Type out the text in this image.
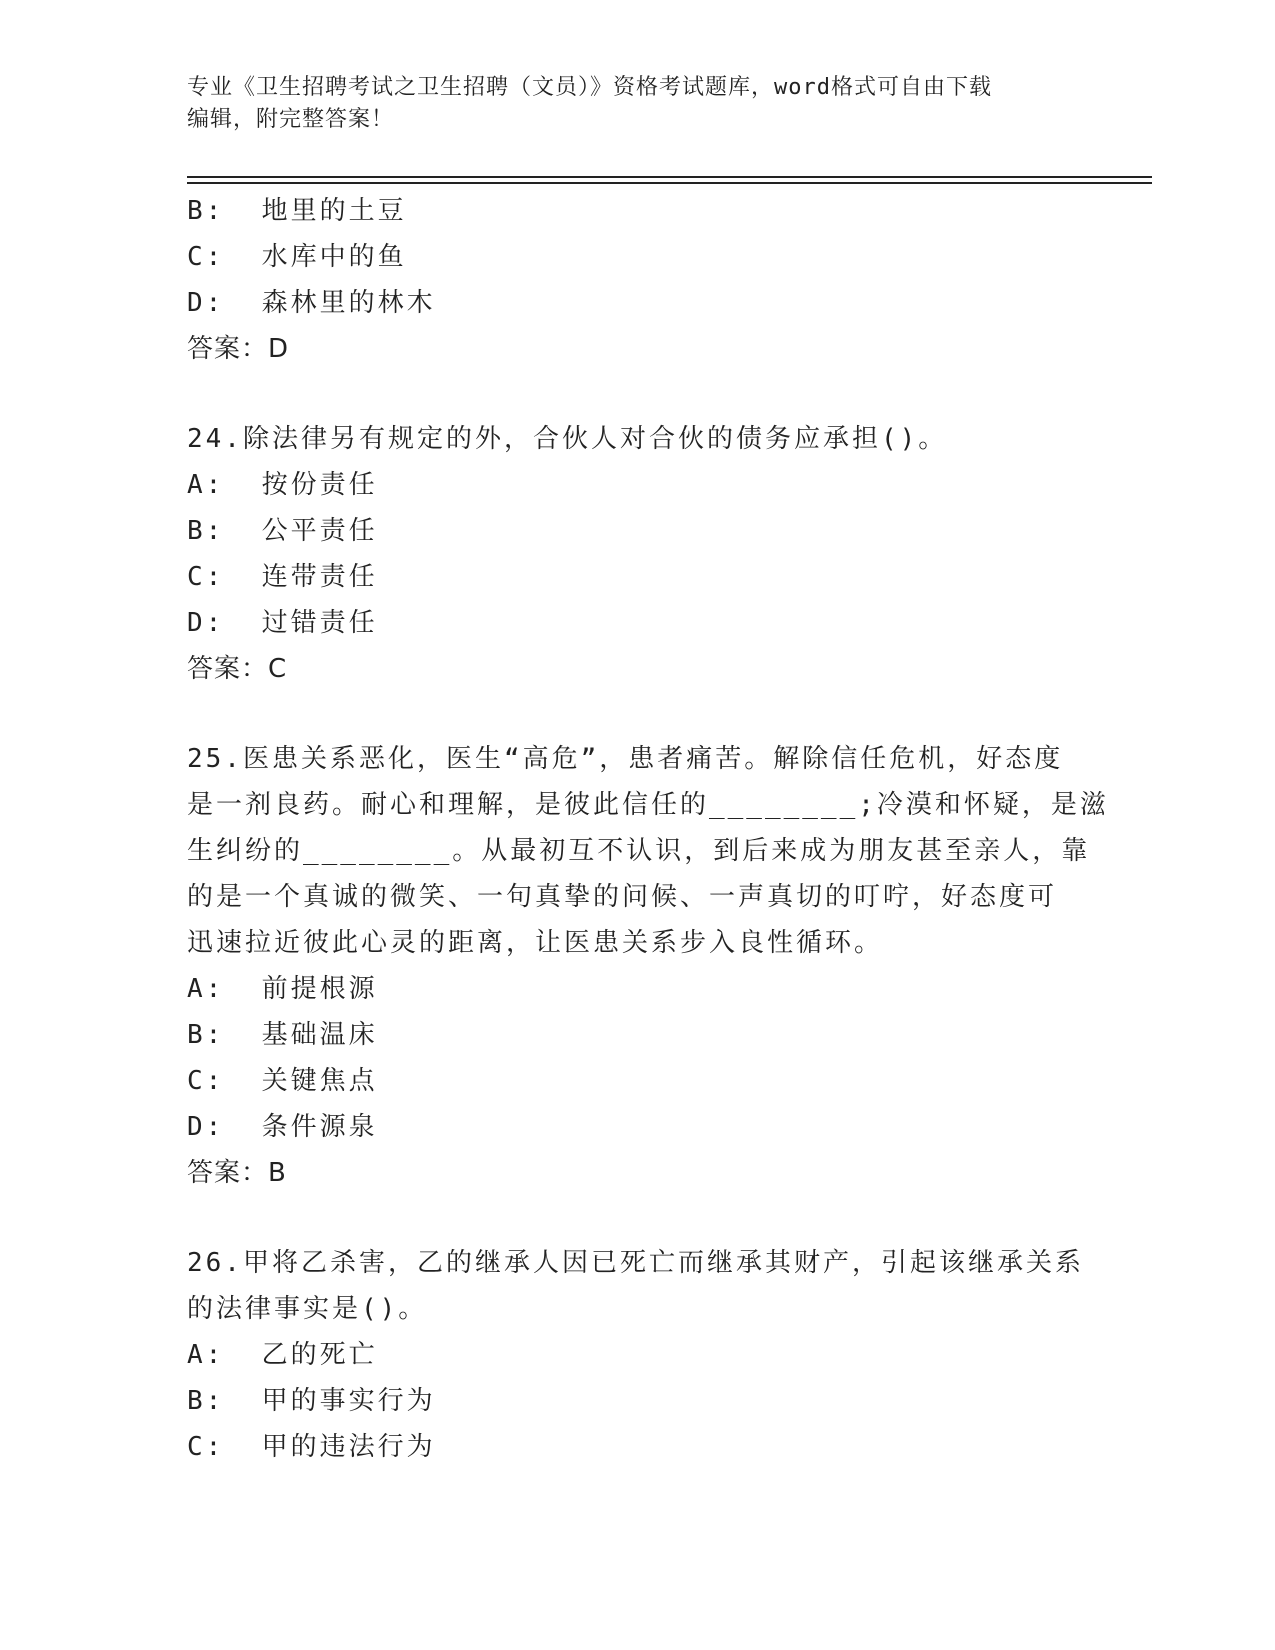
专业《卫生招聘考试之卫生招聘（文员）》资格考试题库，word格式可自由下载
编辑，附完整答案！
B:  地里的土豆
C:  水库中的鱼
D:  森林里的林木
答案：D
24.除法律另有规定的外，合伙人对合伙的债务应承担()。
A:  按份责任
B:  公平责任
C:  连带责任
D:  过错责任
答案：C
25.医患关系恶化，医生“高危”，患者痛苦。解除信任危机，好态度
是一剂良药。耐心和理解，是彼此信任的________;冷漠和怀疑，是滋
生纠纷的________。从最初互不认识，到后来成为朋友甚至亲人，靠
的是一个真诚的微笑、一句真挚的问候、一声真切的叮咛，好态度可
迅速拉近彼此心灵的距离，让医患关系步入良性循环。
A:  前提根源
B:  基础温床
C:  关键焦点
D:  条件源泉
答案：B
26.甲将乙杀害，乙的继承人因已死亡而继承其财产，引起该继承关系
的法律事实是()。
A:  乙的死亡
B:  甲的事实行为
C:  甲的违法行为
